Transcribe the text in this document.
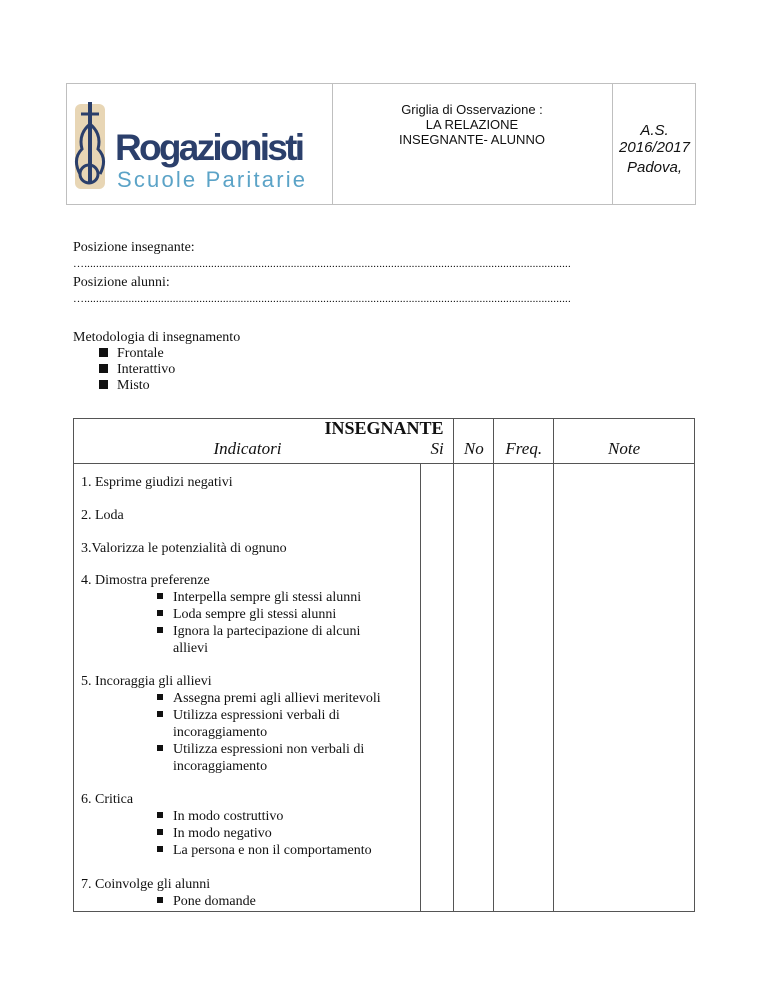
Rogazionisti
Scuole Paritarie
Griglia di Osservazione :
LA RELAZIONE
INSEGNANTE- ALUNNO
A.S. 2016/2017
Padova,
Posizione insegnante:
….....................................................................................................................................................................
Posizione alunni:
….....................................................................................................................................................................
Metodologia di insegnamento
Frontale
Interattivo
Misto
Indicatori	Si	No	Freq.	Note

INSEGNANTE
1. Esprime giudizi negativi
2. Loda
3.Valorizza le potenzialità di ognuno
4. Dimostra preferenze
Interpella sempre gli stessi alunni
Loda sempre gli stessi alunni
Ignora la partecipazione di alcuni
allievi
5. Incoraggia gli allievi
Assegna premi agli allievi meritevoli
Utilizza espressioni verbali di
incoraggiamento
Utilizza espressioni non verbali di
incoraggiamento
6. Critica
In modo costruttivo
In modo negativo
La persona e non il comportamento
7. Coinvolge gli alunni
Pone domande
